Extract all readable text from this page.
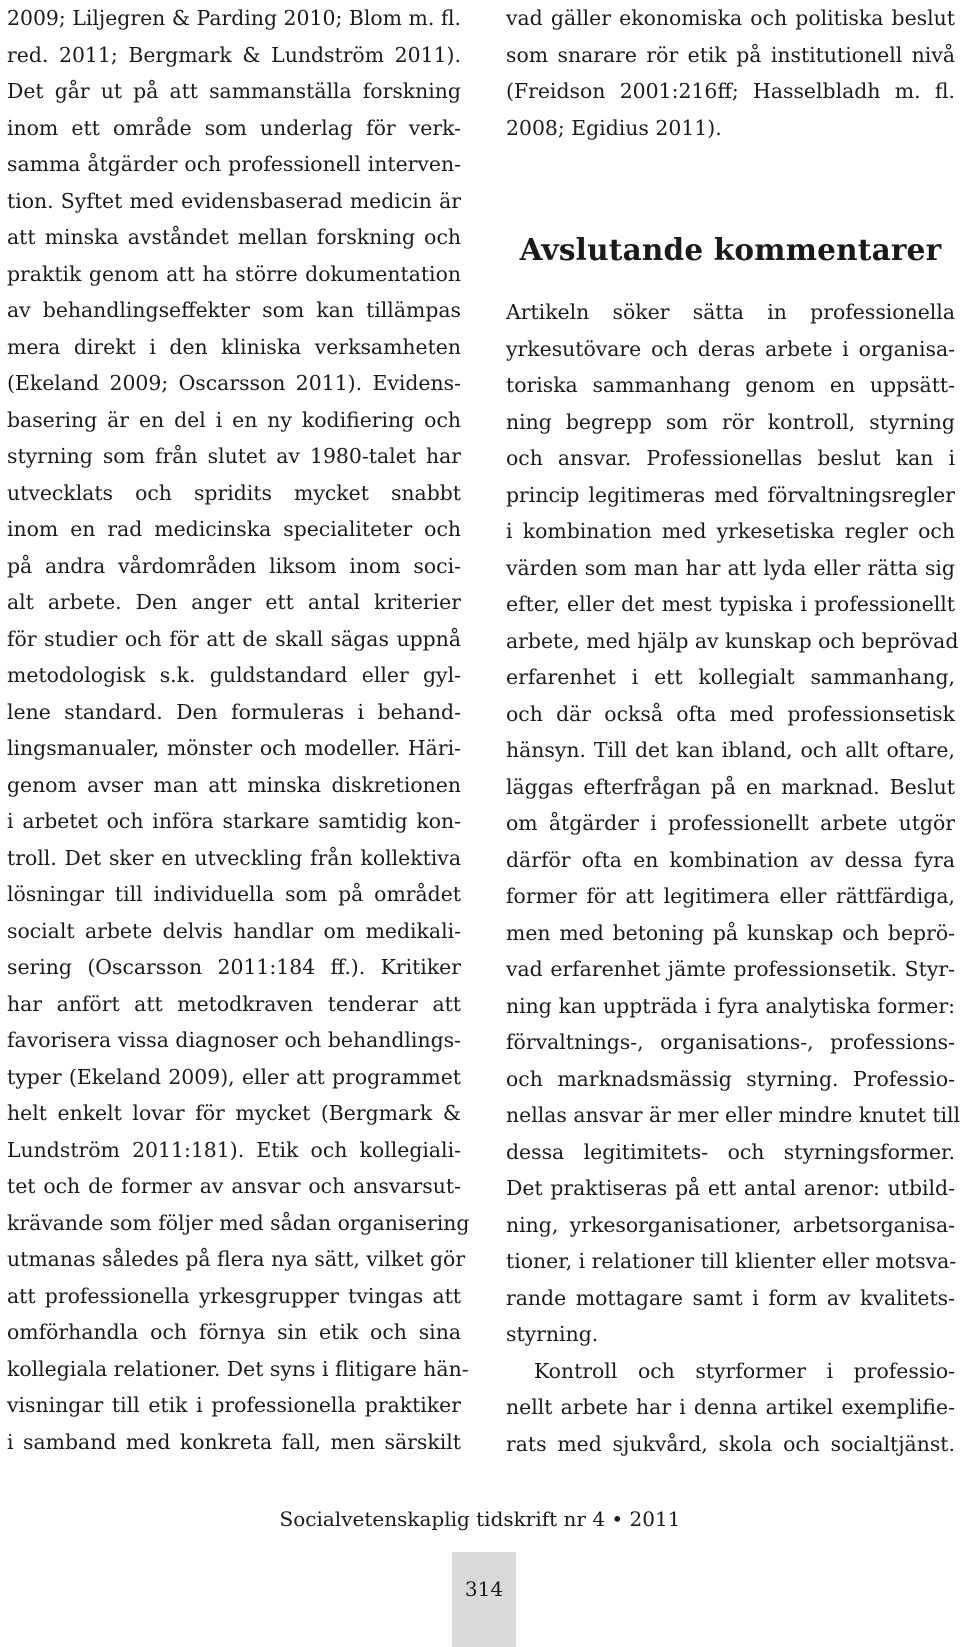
2009; Liljegren & Parding 2010; Blom m. fl.
red. 2011; Bergmark & Lundström 2011).
Det går ut på att sammanställa forskning
inom ett område som underlag för verk-
samma åtgärder och professionell interven-
tion. Syftet med evidensbaserad medicin är
att minska avståndet mellan forskning och
praktik genom att ha större dokumentation
av behandlingseffekter som kan tillämpas
mera direkt i den kliniska verksamheten
(Ekeland 2009; Oscarsson 2011). Evidens-
basering är en del i en ny kodifiering och
styrning som från slutet av 1980-talet har
utvecklats och spridits mycket snabbt
inom en rad medicinska specialiteter och
på andra vårdområden liksom inom soci-
alt arbete. Den anger ett antal kriterier
för studier och för att de skall sägas uppnå
metodologisk s.k. guldstandard eller gyl-
lene standard. Den formuleras i behand-
lingsmanualer, mönster och modeller. Häri-
genom avser man att minska diskretionen
i arbetet och införa starkare samtidig kon-
troll. Det sker en utveckling från kollektiva
lösningar till individuella som på området
socialt arbete delvis handlar om medikali-
sering (Oscarsson 2011:184 ff.). Kritiker
har anfört att metodkraven tenderar att
favorisera vissa diagnoser och behandlings-
typer (Ekeland 2009), eller att programmet
helt enkelt lovar för mycket (Bergmark &
Lundström 2011:181). Etik och kollegiali-
tet och de former av ansvar och ansvarsut-
krävande som följer med sådan organisering
utmanas således på flera nya sätt, vilket gör
att professionella yrkesgrupper tvingas att
omförhandla och förnya sin etik och sina
kollegiala relationer. Det syns i flitigare hän-
visningar till etik i professionella praktiker
i samband med konkreta fall, men särskilt
vad gäller ekonomiska och politiska beslut
som snarare rör etik på institutionell nivå
(Freidson 2001:216ff; Hasselbladh m. fl.
2008; Egidius 2011).
Avslutande kommentarer
Artikeln söker sätta in professionella
yrkesutövare och deras arbete i organisa-
toriska sammanhang genom en uppsätt-
ning begrepp som rör kontroll, styrning
och ansvar. Professionellas beslut kan i
princip legitimeras med förvaltningsregler
i kombination med yrkesetiska regler och
värden som man har att lyda eller rätta sig
efter, eller det mest typiska i professionellt
arbete, med hjälp av kunskap och beprövad
erfarenhet i ett kollegialt sammanhang,
och där också ofta med professionsetisk
hänsyn. Till det kan ibland, och allt oftare,
läggas efterfrågan på en marknad. Beslut
om åtgärder i professionellt arbete utgör
därför ofta en kombination av dessa fyra
former för att legitimera eller rättfärdiga,
men med betoning på kunskap och beprö-
vad erfarenhet jämte professionsetik. Styr-
ning kan uppträda i fyra analytiska former:
förvaltnings-, organisations-, professions-
och marknadsmässig styrning. Professio-
nellas ansvar är mer eller mindre knutet till
dessa legitimitets- och styrningsformer.
Det praktiseras på ett antal arenor: utbild-
ning, yrkesorganisationer, arbetsorganisa-
tioner, i relationer till klienter eller motsva-
rande mottagare samt i form av kvalitets-
styrning.
Kontroll och styrformer i professio-
nellt arbete har i denna artikel exemplifie-
rats med sjukvård, skola och socialtjänst.
Socialvetenskaplig tidskrift nr 4 • 2011
314
